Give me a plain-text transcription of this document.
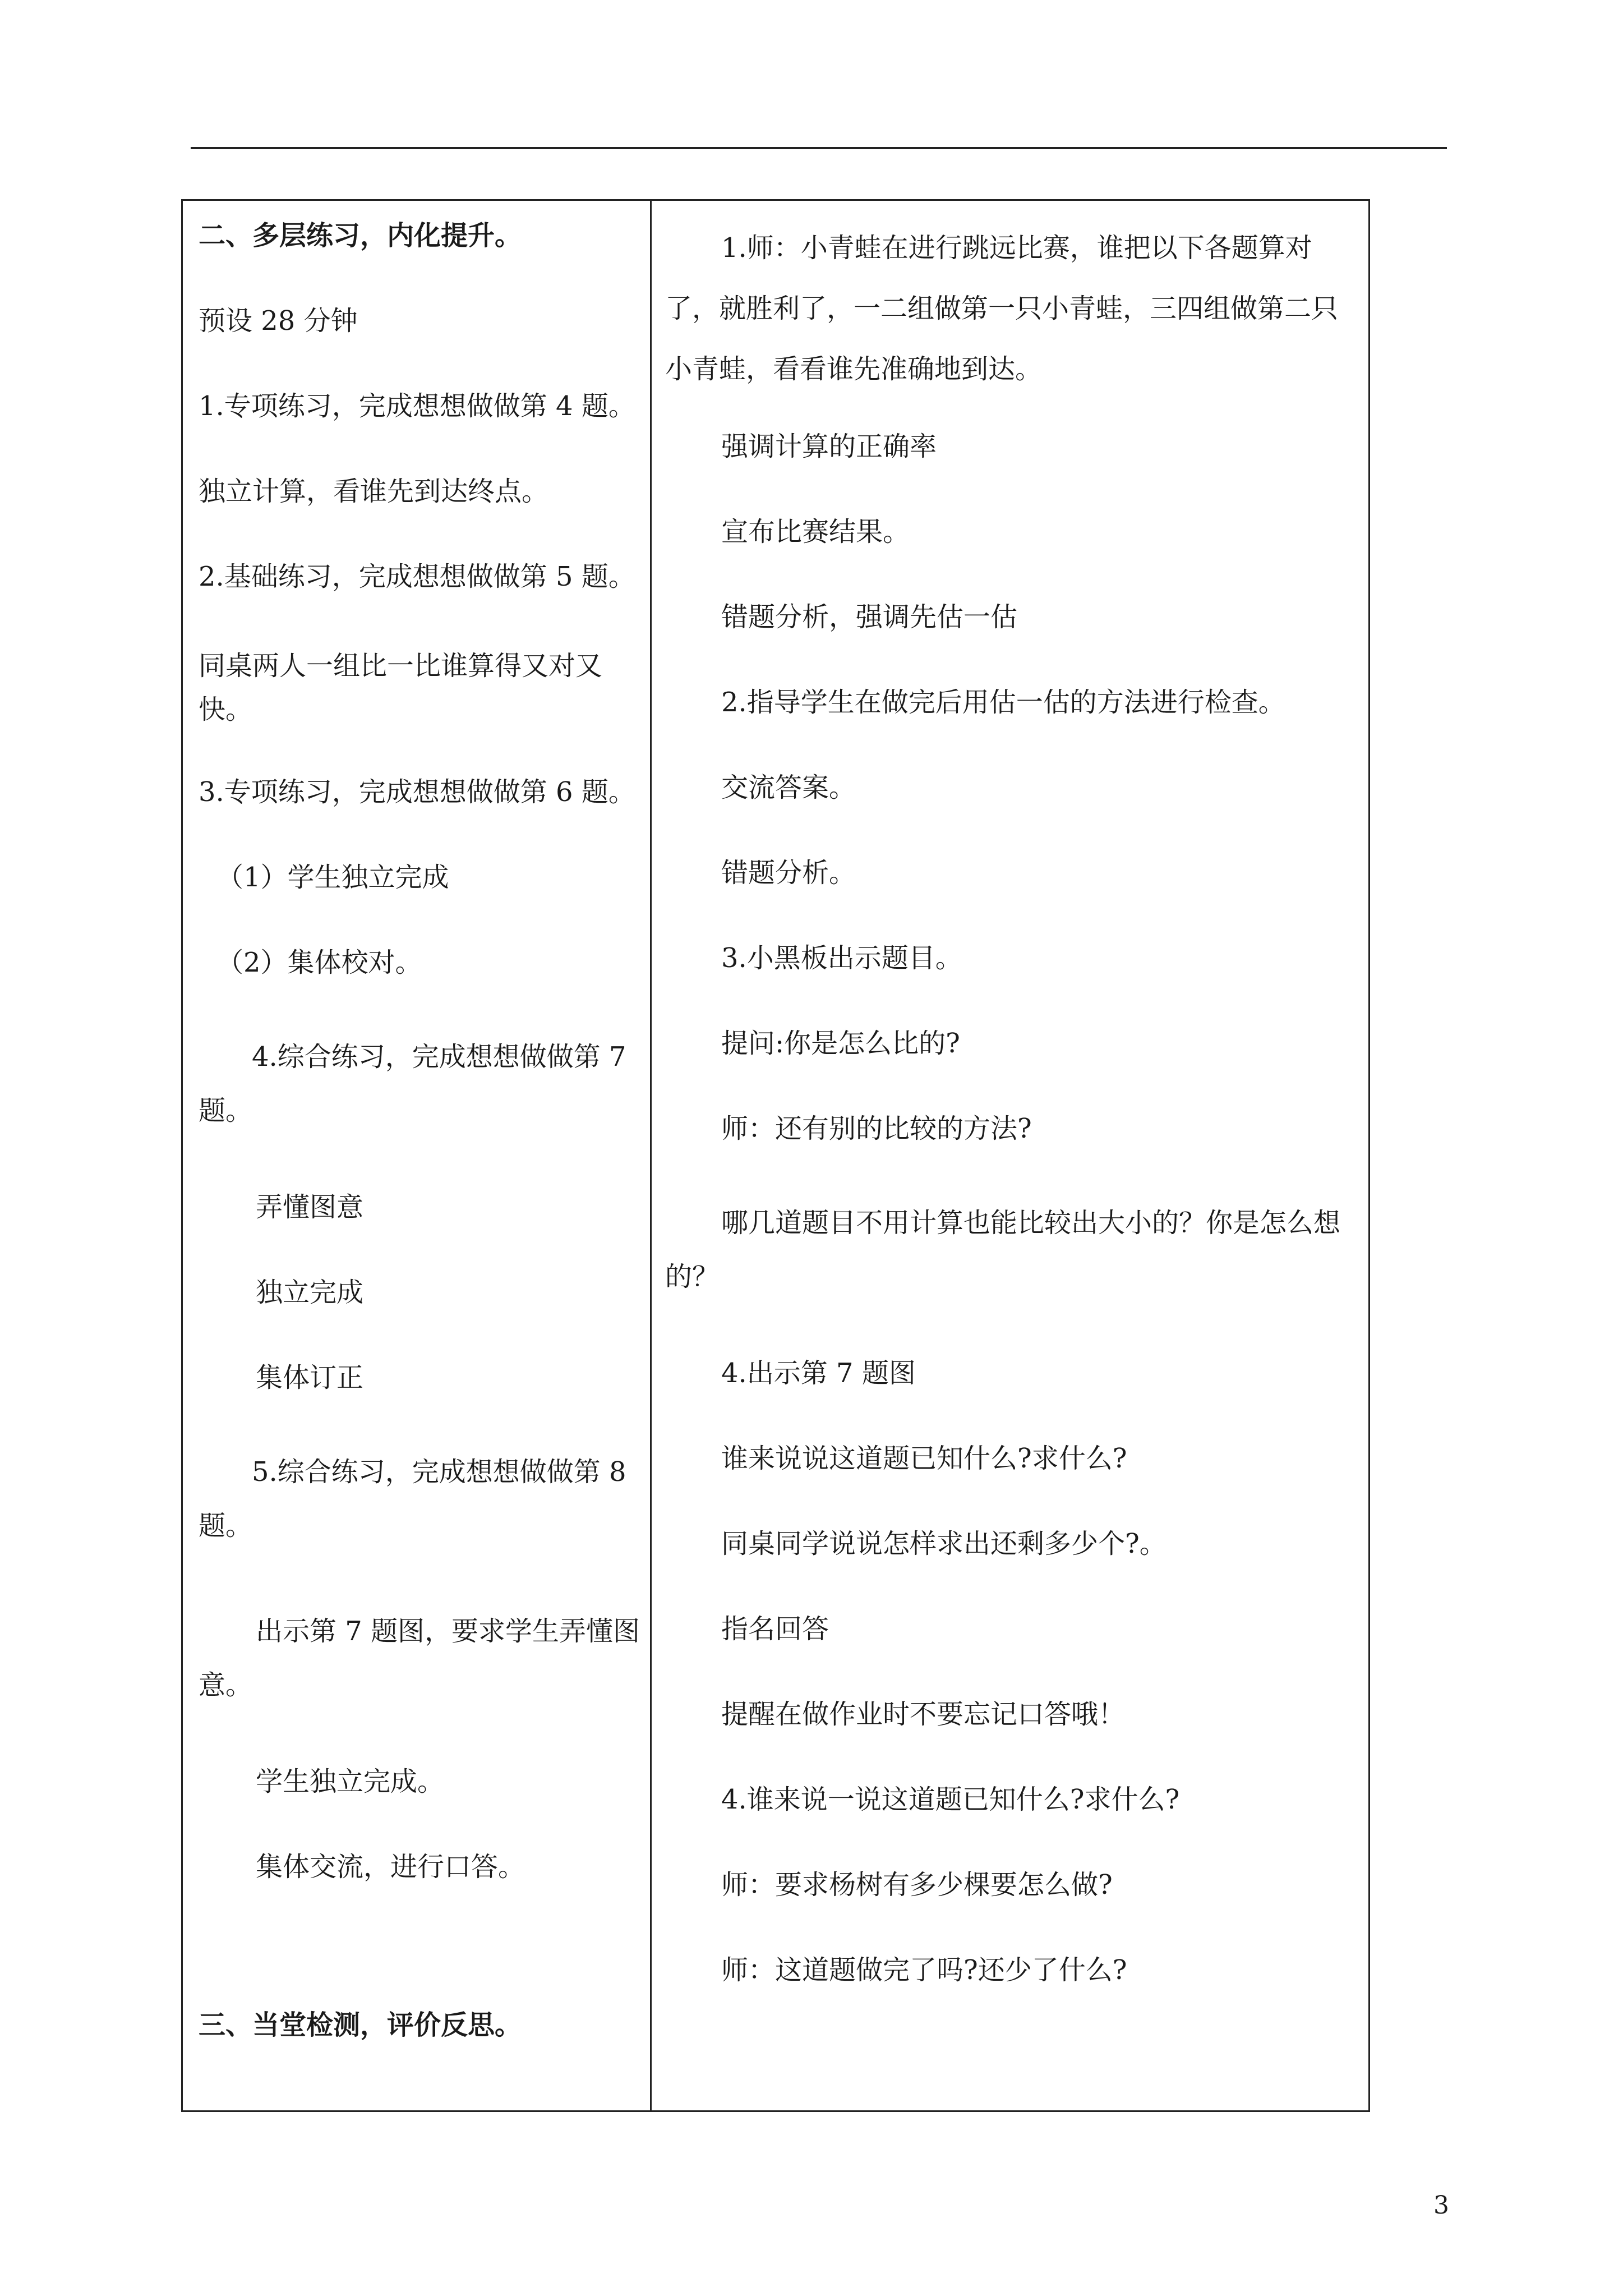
二、多层练习，内化提升。
预设 28 分钟
1.专项练习，完成想想做做第 4 题。
独立计算，看谁先到达终点。
2.基础练习，完成想想做做第 5 题。
同桌两人一组比一比谁算得又对又快。
3.专项练习，完成想想做做第 6 题。
（1）学生独立完成
（2）集体校对。
4.综合练习，完成想想做做第 7 题。
弄懂图意
独立完成
集体订正
5.综合练习，完成想想做做第 8 题。
出示第 7 题图，要求学生弄懂图意。
学生独立完成。
集体交流，进行口答。
三、当堂检测，评价反思。
1.师：小青蛙在进行跳远比赛，谁把以下各题算对了，就胜利了，一二组做第一只小青蛙，三四组做第二只小青蛙，看看谁先准确地到达。
强调计算的正确率
宣布比赛结果。
错题分析，强调先估一估
2.指导学生在做完后用估一估的方法进行检查。
交流答案。
错题分析。
3.小黑板出示题目。
提问:你是怎么比的?
师：还有别的比较的方法?
哪几道题目不用计算也能比较出大小的？你是怎么想的？
4.出示第 7 题图
谁来说说这道题已知什么?求什么?
同桌同学说说怎样求出还剩多少个?。
指名回答
提醒在做作业时不要忘记口答哦！
4.谁来说一说这道题已知什么?求什么?
师：要求杨树有多少棵要怎么做?
师：这道题做完了吗?还少了什么?
3
